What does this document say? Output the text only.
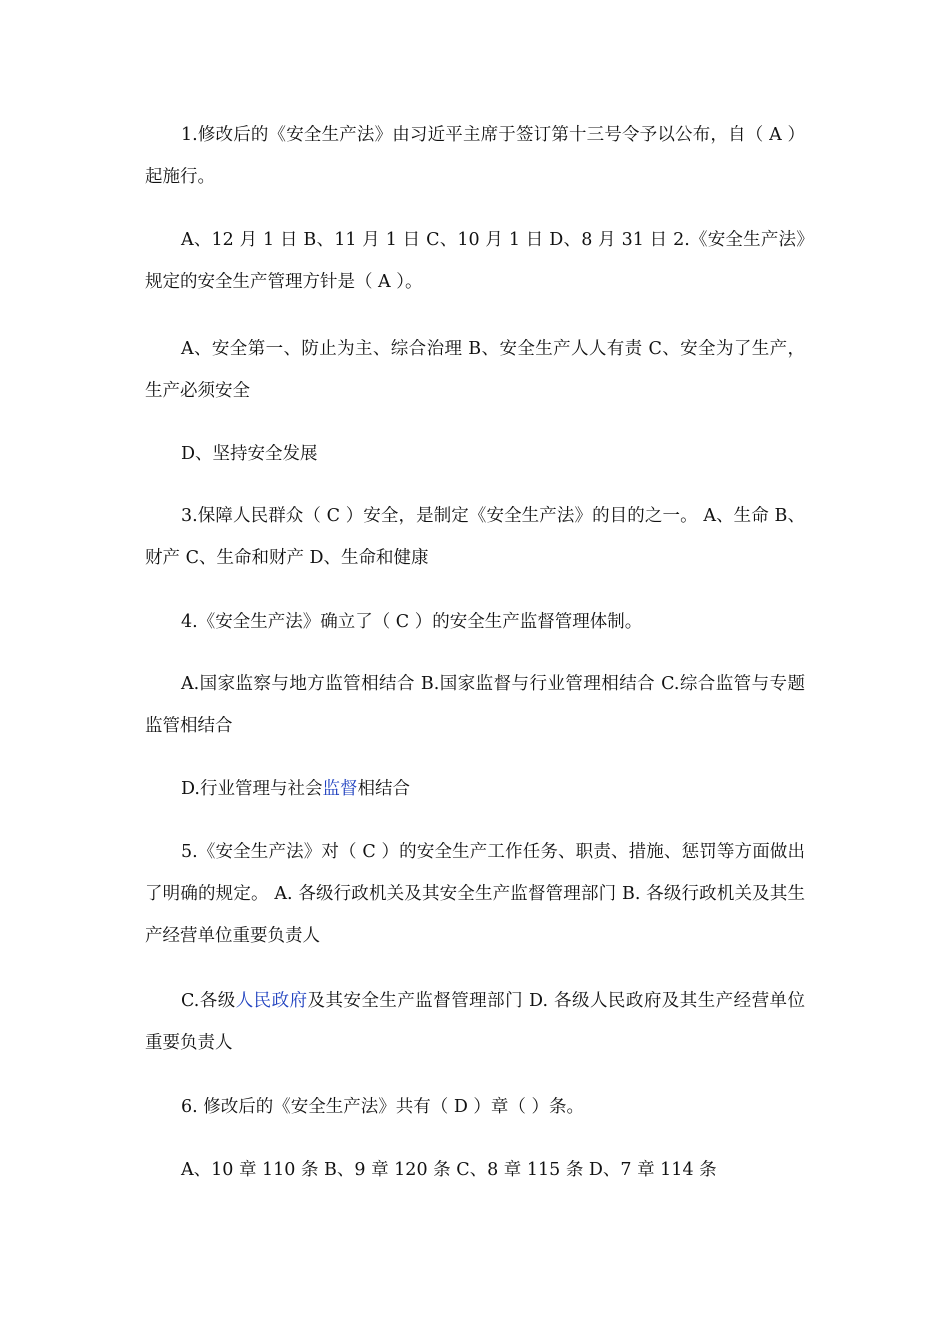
1.修改后的《安全生产法》由习近平主席于签订第十三号令予以公布，自（ A ）起施行。

A、12 月 1 日 B、11 月 1 日 C、10 月 1 日 D、8 月 31 日 2.《安全生产法》规定的安全生产管理方针是（ A ）。

A、安全第一、防止为主、综合治理 B、安全生产人人有责 C、安全为了生产，生产必须安全

D、坚持安全发展

3.保障人民群众（ C ）安全，是制定《安全生产法》的目的之一。 A、生命 B、财产 C、生命和财产 D、生命和健康

4.《安全生产法》确立了（ C ）的安全生产监督管理体制。

A.国家监察与地方监管相结合 B.国家监督与行业管理相结合 C.综合监管与专题监管相结合

D.行业管理与社会监督相结合

5.《安全生产法》对（ C ）的安全生产工作任务、职责、措施、惩罚等方面做出了明确的规定。 A. 各级行政机关及其安全生产监督管理部门 B. 各级行政机关及其生产经营单位重要负责人

C.各级人民政府及其安全生产监督管理部门 D. 各级人民政府及其生产经营单位重要负责人

6. 修改后的《安全生产法》共有（ D ）章（ ）条。

A、10 章 110 条 B、9 章 120 条 C、8 章 115 条 D、7 章 114 条
